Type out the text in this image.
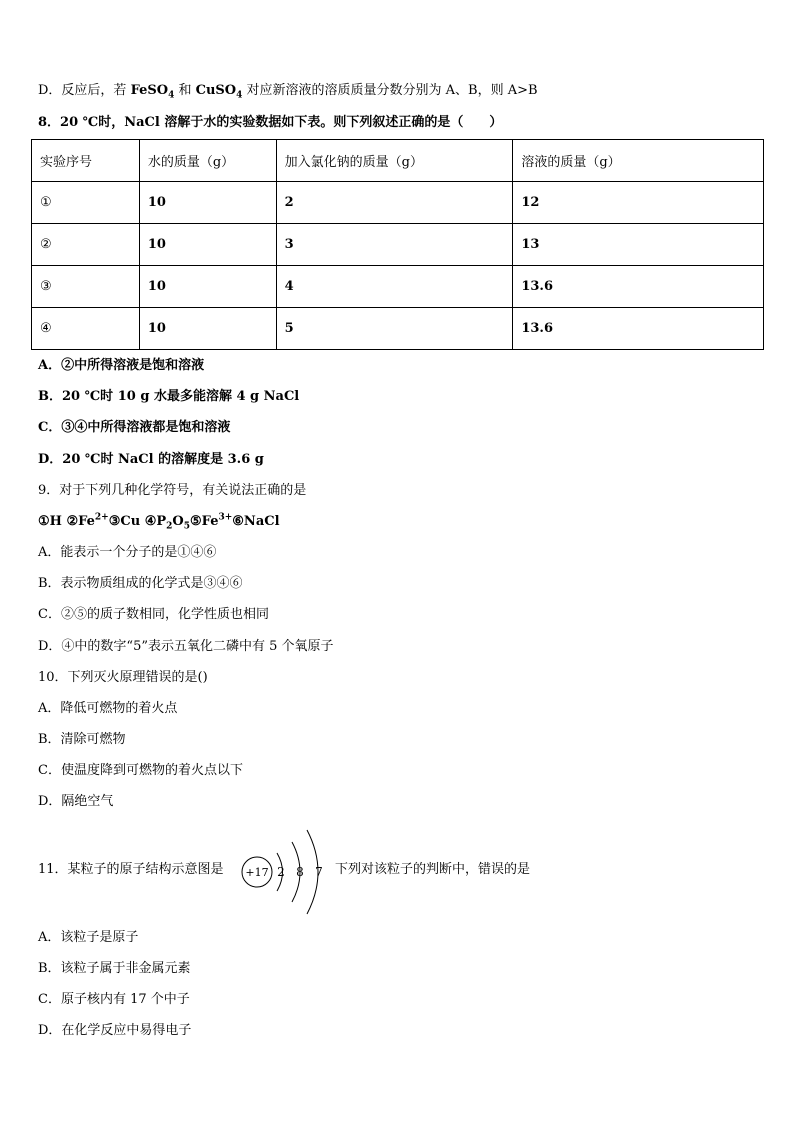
D．反应后，若 FeSO$_4$ 和 CuSO$_4$ 对应新溶液的溶质质量分数分别为 A、B，则 A>B
8．20 ℃时，NaCl 溶解于水的实验数据如下表。则下列叙述正确的是（　　）
实验序号	水的质量（g）	加入氯化钠的质量（g）	溶液的质量（g）
①	10	2	12
②	10	3	13
③	10	4	13.6
④	10	5	13.6
A．②中所得溶液是饱和溶液
B．20 ℃时 10 g 水最多能溶解 4 g NaCl
C．③④中所得溶液都是饱和溶液
D．20 ℃时 NaCl 的溶解度是 3.6 g
9．对于下列几种化学符号，有关说法正确的是
①H $②Fe^{2+}③Cu$ $④P_2O_5⑤Fe^{3+}⑥NaCl$
A．能表示一个分子的是①④⑥
B．表示物质组成的化学式是③④⑥
C．②⑤的质子数相同，化学性质也相同
D．④中的数字“5”表示五氧化二磷中有 5 个氧原子
10．下列灭火原理错误的是()
A．降低可燃物的着火点
B．清除可燃物
C．使温度降到可燃物的着火点以下
D．隔绝空气
11．某粒子的原子结构示意图是 +17 2 8 7 下列对该粒子的判断中，错误的是
A．该粒子是原子
B．该粒子属于非金属元素
C．原子核内有 17 个中子
D．在化学反应中易得电子
